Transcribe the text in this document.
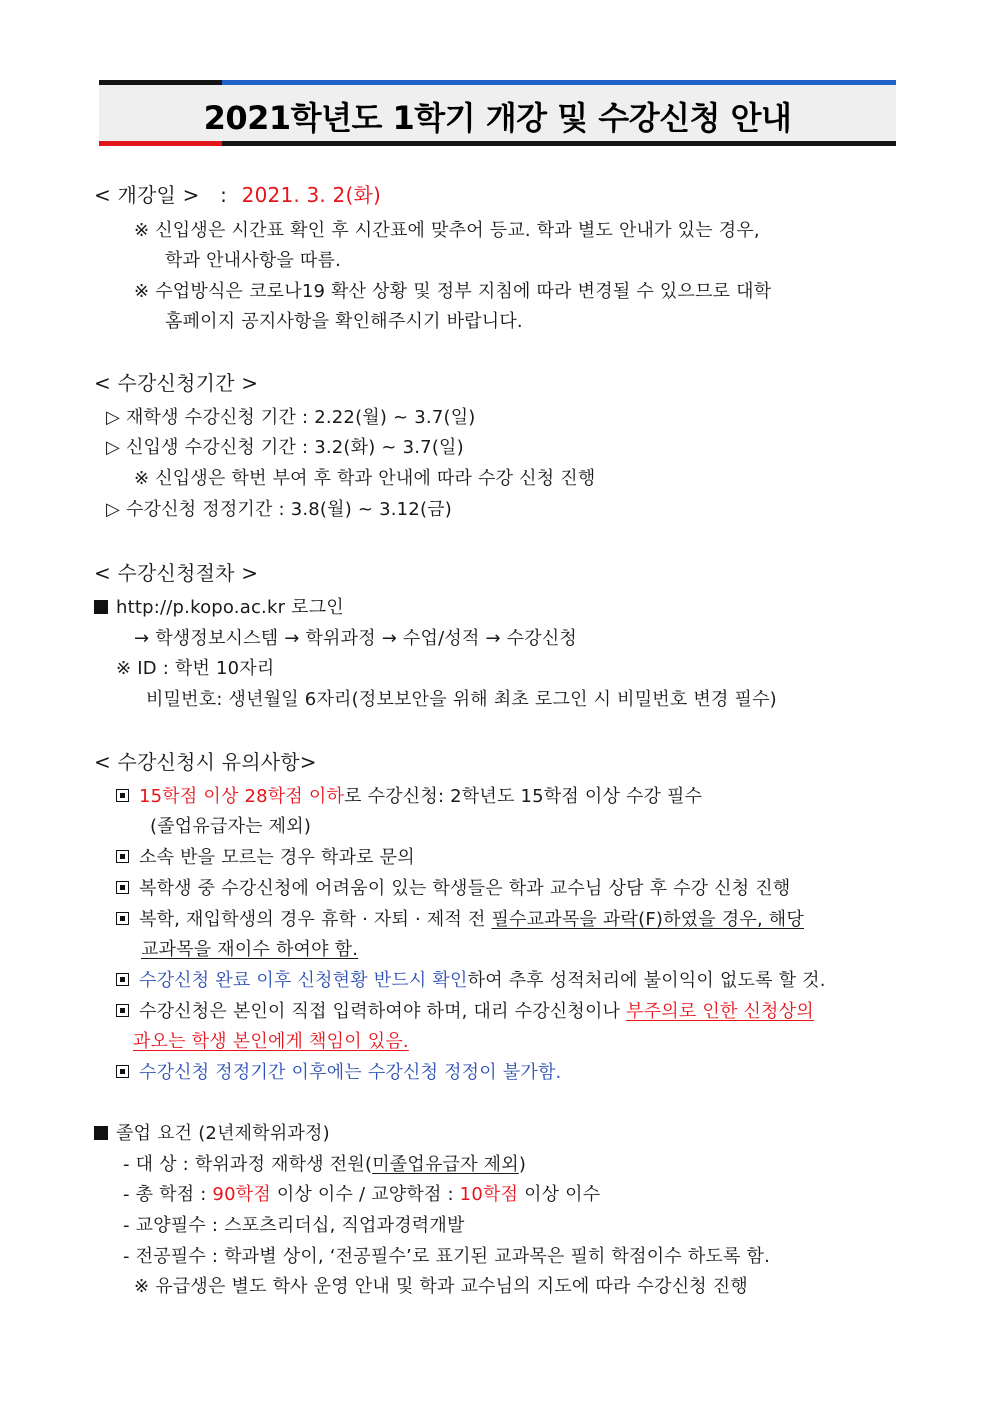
2021학년도 1학기 개강 및 수강신청 안내
< 개강일 > : 2021. 3. 2(화)
※ 신입생은 시간표 확인 후 시간표에 맞추어 등교. 학과 별도 안내가 있는 경우,
학과 안내사항을 따름.
※ 수업방식은 코로나19 확산 상황 및 정부 지침에 따라 변경될 수 있으므로 대학
홈페이지 공지사항을 확인해주시기 바랍니다.
< 수강신청기간 >
▷ 재학생 수강신청 기간 : 2.22(월) ~ 3.7(일)
▷ 신입생 수강신청 기간 : 3.2(화) ~ 3.7(일)
※ 신입생은 학번 부여 후 학과 안내에 따라 수강 신청 진행
▷ 수강신청 정정기간 : 3.8(월) ~ 3.12(금)
< 수강신청절차 >
http://p.kopo.ac.kr 로그인
→ 학생정보시스템 → 학위과정 → 수업/성적 → 수강신청
※ ID : 학번 10자리
비밀번호: 생년월일 6자리(정보보안을 위해 최초 로그인 시 비밀번호 변경 필수)
< 수강신청시 유의사항>
15학점 이상 28학점 이하로 수강신청: 2학년도 15학점 이상 수강 필수
(졸업유급자는 제외)
소속 반을 모르는 경우 학과로 문의
복학생 중 수강신청에 어려움이 있는 학생들은 학과 교수님 상담 후 수강 신청 진행
복학, 재입학생의 경우 휴학 · 자퇴 · 제적 전 필수교과목을 과락(F)하였을 경우, 해당
교과목을 재이수 하여야 함.
수강신청 완료 이후 신청현황 반드시 확인하여 추후 성적처리에 불이익이 없도록 할 것.
수강신청은 본인이 직접 입력하여야 하며, 대리 수강신청이나 부주의로 인한 신청상의
과오는 학생 본인에게 책임이 있음.
수강신청 정정기간 이후에는 수강신청 정정이 불가함.
졸업 요건 (2년제학위과정)
- 대 상 : 학위과정 재학생 전원(미졸업유급자 제외)
- 총 학점 : 90학점 이상 이수 / 교양학점 : 10학점 이상 이수
- 교양필수 : 스포츠리더십, 직업과경력개발
- 전공필수 : 학과별 상이, ‘전공필수’로 표기된 교과목은 필히 학점이수 하도록 함.
※ 유급생은 별도 학사 운영 안내 및 학과 교수님의 지도에 따라 수강신청 진행
